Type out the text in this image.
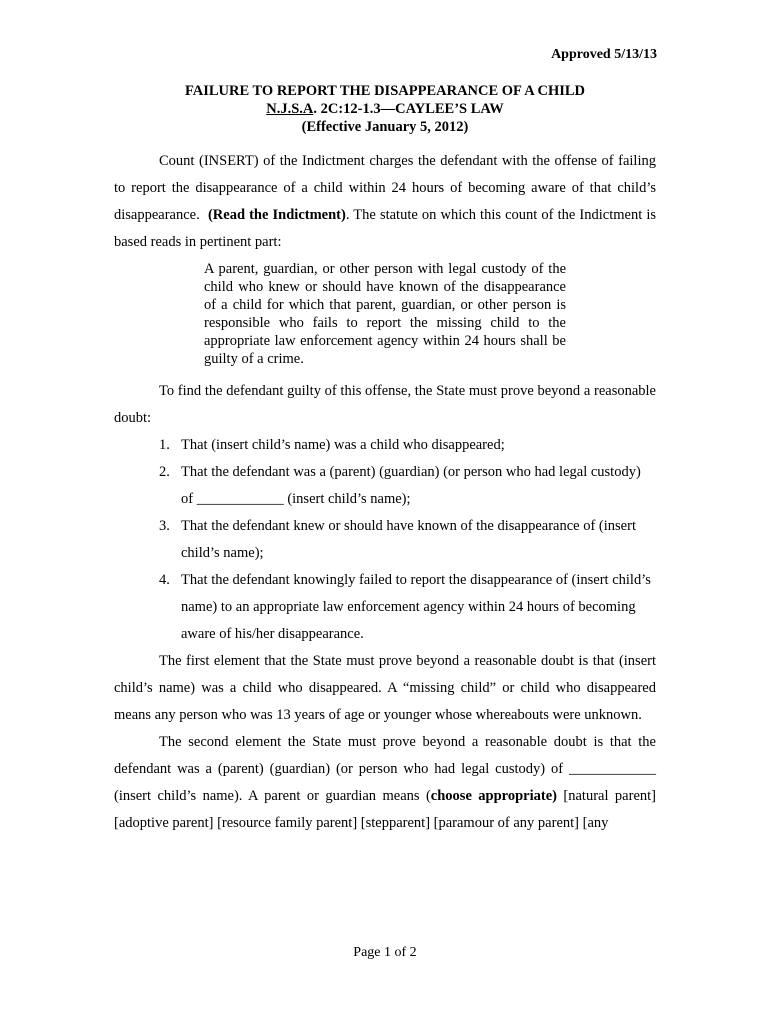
Approved 5/13/13
FAILURE TO REPORT THE DISAPPEARANCE OF A CHILD
N.J.S.A. 2C:12-1.3—CAYLEE’S LAW
(Effective January 5, 2012)

Count (INSERT) of the Indictment charges the defendant with the offense of failing to report the disappearance of a child within 24 hours of becoming aware of that child’s disappearance. (Read the Indictment). The statute on which this count of the Indictment is based reads in pertinent part:

A parent, guardian, or other person with legal custody of the child who knew or should have known of the disappearance of a child for which that parent, guardian, or other person is responsible who fails to report the missing child to the appropriate law enforcement agency within 24 hours shall be guilty of a crime.

To find the defendant guilty of this offense, the State must prove beyond a reasonable doubt:

1. That (insert child’s name) was a child who disappeared;
2. That the defendant was a (parent) (guardian) (or person who had legal custody) of ____________ (insert child’s name);
3. That the defendant knew or should have known of the disappearance of (insert child’s name);
4. That the defendant knowingly failed to report the disappearance of (insert child’s name) to an appropriate law enforcement agency within 24 hours of becoming aware of his/her disappearance.

The first element that the State must prove beyond a reasonable doubt is that (insert child’s name) was a child who disappeared. A “missing child” or child who disappeared means any person who was 13 years of age or younger whose whereabouts were unknown.

The second element the State must prove beyond a reasonable doubt is that the defendant was a (parent) (guardian) (or person who had legal custody) of ____________ (insert child’s name). A parent or guardian means (choose appropriate) [natural parent] [adoptive parent] [resource family parent] [stepparent] [paramour of any parent] [any

Page 1 of 2
